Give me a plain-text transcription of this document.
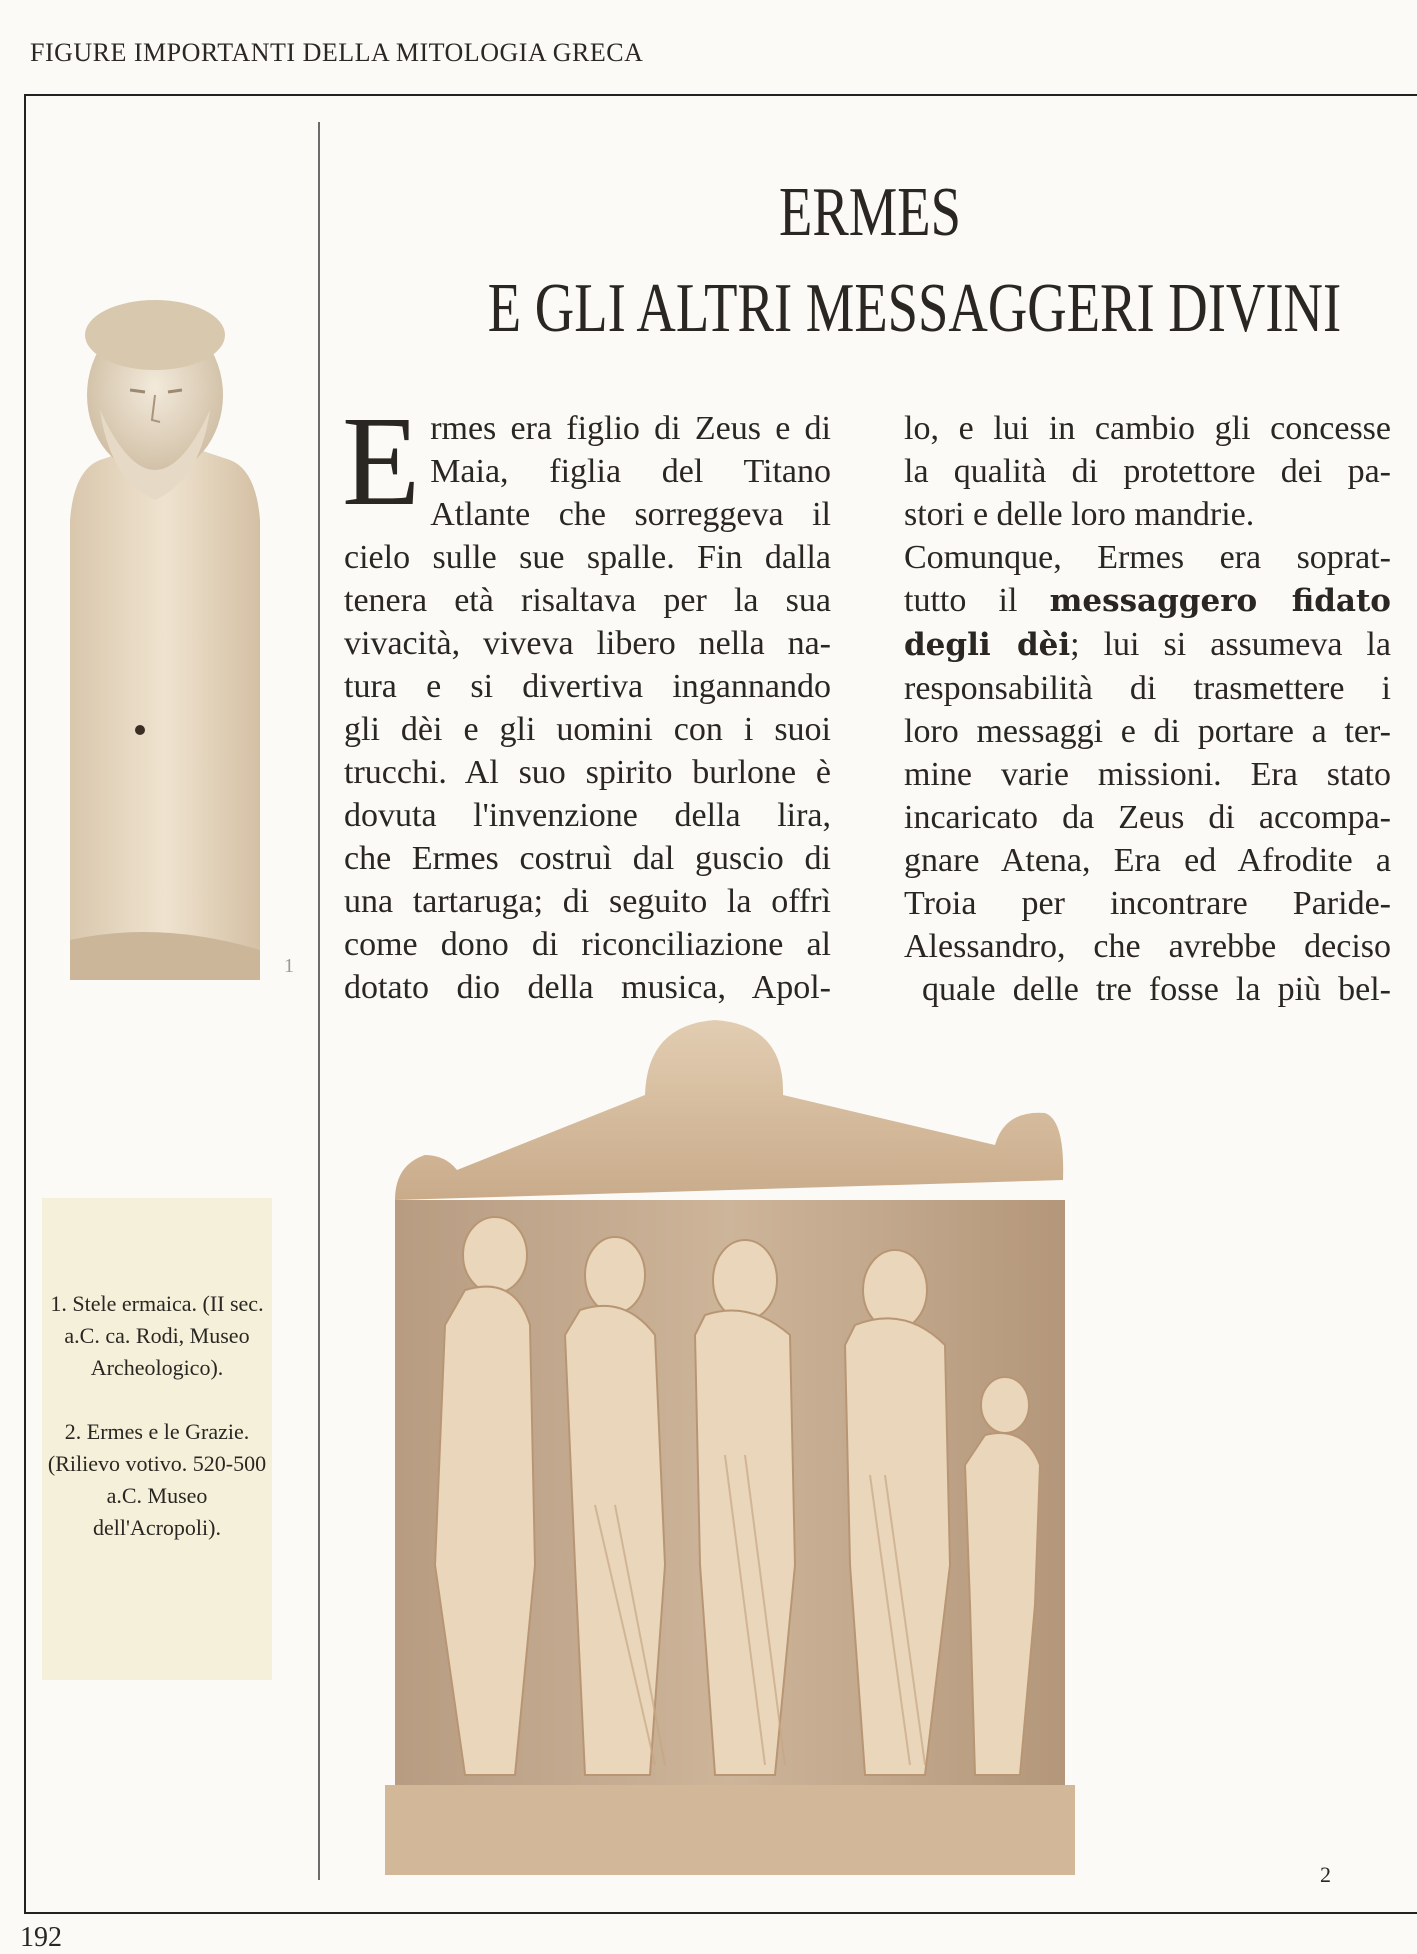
FIGURE IMPORTANTI DELLA MITOLOGIA GRECA
1

1. Stele ermaica. (II sec. a.C. ca. Rodi, Museo Archeologico).

2. Ermes e le Grazie. (Rilievo votivo. 520-500 a.C. Museo dell'Acropoli).

ERMES
E GLI ALTRI MESSAGGERI DIVINI
E rmes era figlio di Zeus e di
Maia, figlia del Titano
Atlante che sorreggeva il
cielo sulle sue spalle. Fin dalla
tenera età risaltava per la sua
vivacità, viveva libero nella na-
tura e si divertiva ingannando
gli dèi e gli uomini con i suoi
trucchi. Al suo spirito burlone è
dovuta l'invenzione della lira,
che Ermes costruì dal guscio di
una tartaruga; di seguito la offrì
come dono di riconciliazione al
dotato dio della musica, Apol-
lo, e lui in cambio gli concesse
la qualità di protettore dei pa-
stori e delle loro mandrie.
Comunque, Ermes era soprat-
tutto il messaggero fidato
degli dèi; lui si assumeva la
responsabilità di trasmettere i
loro messaggi e di portare a ter-
mine varie missioni. Era stato
incaricato da Zeus di accompa-
gnare Atena, Era ed Afrodite a
Troia per incontrare Paride-
Alessandro, che avrebbe deciso
quale delle tre fosse la più bel-
2
192
